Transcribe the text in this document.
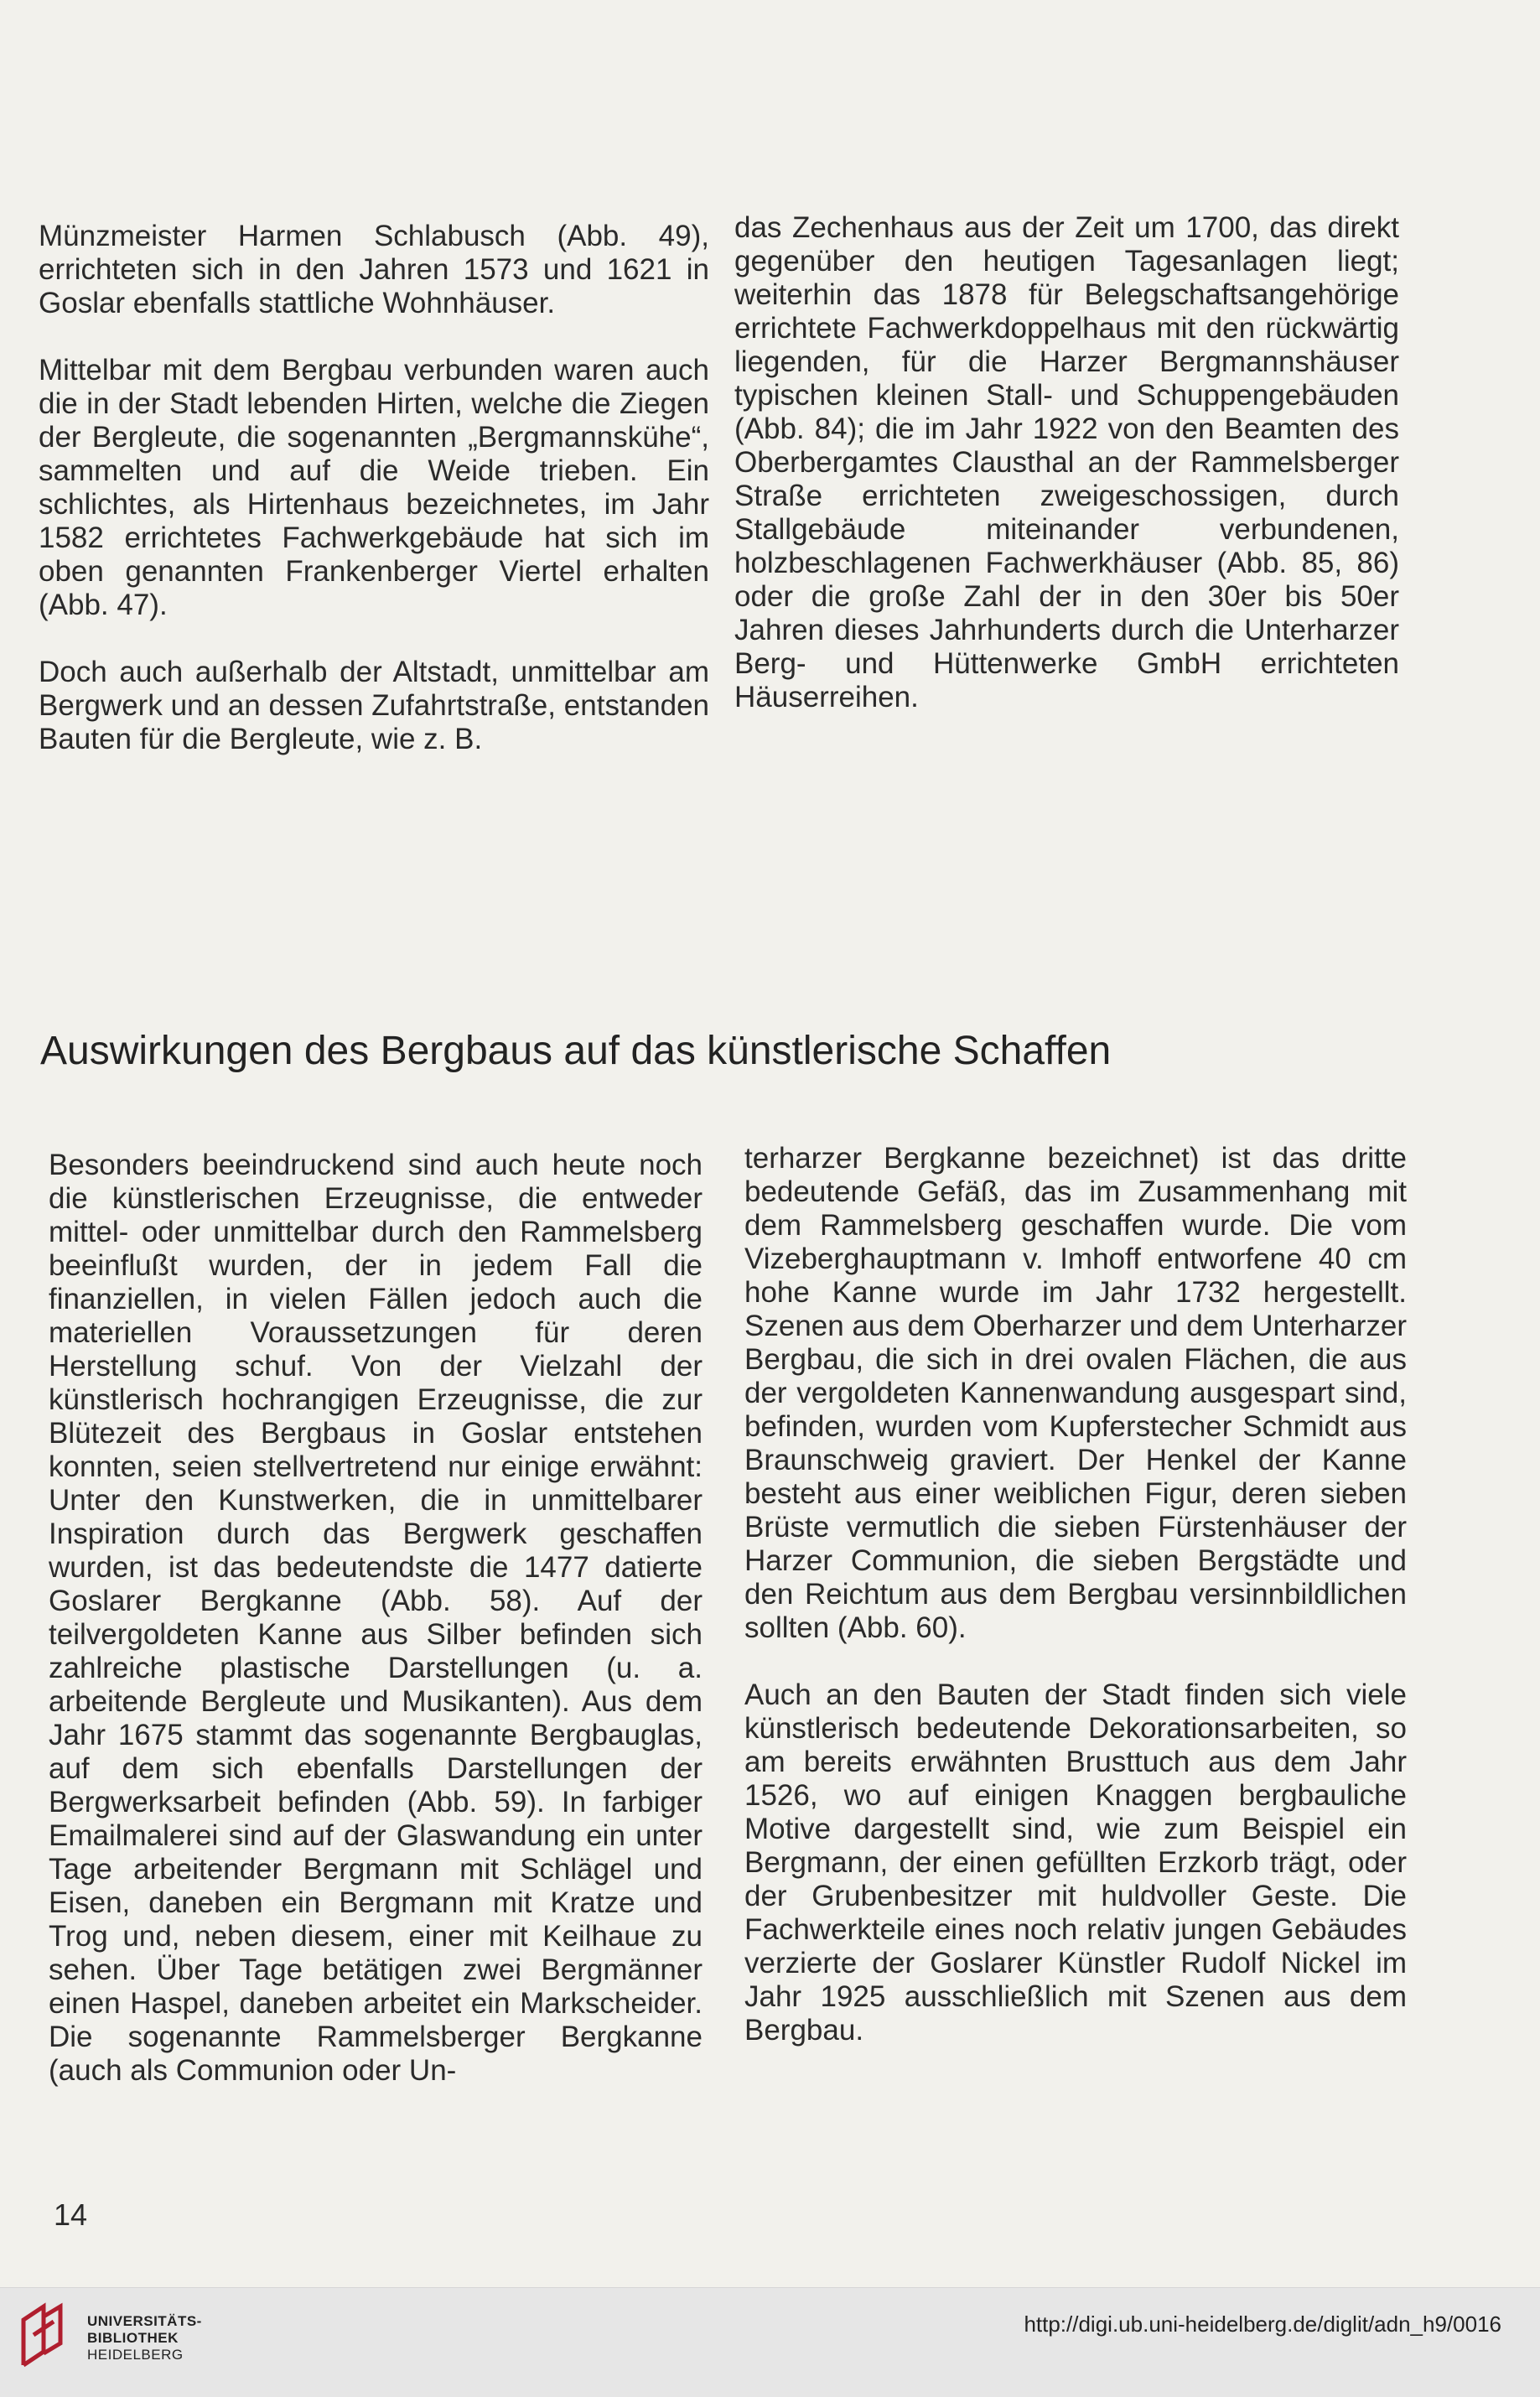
Münzmeister Harmen Schlabusch (Abb. 49), errichteten sich in den Jahren 1573 und 1621 in Goslar ebenfalls stattliche Wohnhäuser.

Mittelbar mit dem Bergbau verbunden waren auch die in der Stadt lebenden Hirten, welche die Ziegen der Bergleute, die sogenannten „Bergmannskühe“, sammelten und auf die Weide trieben. Ein schlichtes, als Hirtenhaus bezeichnetes, im Jahr 1582 errichtetes Fachwerkgebäude hat sich im oben genannten Frankenberger Viertel erhalten (Abb. 47).

Doch auch außerhalb der Altstadt, unmittelbar am Bergwerk und an dessen Zufahrtstraße, entstanden Bauten für die Bergleute, wie z. B.

das Zechenhaus aus der Zeit um 1700, das direkt gegenüber den heutigen Tagesanlagen liegt; weiterhin das 1878 für Belegschaftsangehörige errichtete Fachwerkdoppelhaus mit den rückwärtig liegenden, für die Harzer Bergmannshäuser typischen kleinen Stall- und Schuppengebäuden (Abb. 84); die im Jahr 1922 von den Beamten des Oberbergamtes Clausthal an der Rammelsberger Straße errichteten zweigeschossigen, durch Stallgebäude miteinander verbundenen, holzbeschlagenen Fachwerkhäuser (Abb. 85, 86) oder die große Zahl der in den 30er bis 50er Jahren dieses Jahrhunderts durch die Unterharzer Berg- und Hüttenwerke GmbH errichteten Häuserreihen.

Auswirkungen des Bergbaus auf das künstlerische Schaffen

Besonders beeindruckend sind auch heute noch die künstlerischen Erzeugnisse, die entweder mittel- oder unmittelbar durch den Rammelsberg beeinflußt wurden, der in jedem Fall die finanziellen, in vielen Fällen jedoch auch die materiellen Voraussetzungen für deren Herstellung schuf. Von der Vielzahl der künstlerisch hochrangigen Erzeugnisse, die zur Blütezeit des Bergbaus in Goslar entstehen konnten, seien stellvertretend nur einige erwähnt: Unter den Kunstwerken, die in unmittelbarer Inspiration durch das Bergwerk geschaffen wurden, ist das bedeutendste die 1477 datierte Goslarer Bergkanne (Abb. 58). Auf der teilvergoldeten Kanne aus Silber befinden sich zahlreiche plastische Darstellungen (u. a. arbeitende Bergleute und Musikanten). Aus dem Jahr 1675 stammt das sogenannte Bergbauglas, auf dem sich ebenfalls Darstellungen der Bergwerksarbeit befinden (Abb. 59). In farbiger Emailmalerei sind auf der Glaswandung ein unter Tage arbeitender Bergmann mit Schlägel und Eisen, daneben ein Bergmann mit Kratze und Trog und, neben diesem, einer mit Keilhaue zu sehen. Über Tage betätigen zwei Bergmänner einen Haspel, daneben arbeitet ein Markscheider. Die sogenannte Rammelsberger Bergkanne (auch als Communion oder Un-

terharzer Bergkanne bezeichnet) ist das dritte bedeutende Gefäß, das im Zusammenhang mit dem Rammelsberg geschaffen wurde. Die vom Vizeberghauptmann v. Imhoff entworfene 40 cm hohe Kanne wurde im Jahr 1732 hergestellt. Szenen aus dem Oberharzer und dem Unterharzer Bergbau, die sich in drei ovalen Flächen, die aus der vergoldeten Kannenwandung ausgespart sind, befinden, wurden vom Kupferstecher Schmidt aus Braunschweig graviert. Der Henkel der Kanne besteht aus einer weiblichen Figur, deren sieben Brüste vermutlich die sieben Fürstenhäuser der Harzer Communion, die sieben Bergstädte und den Reichtum aus dem Bergbau versinnbildlichen sollten (Abb. 60).

Auch an den Bauten der Stadt finden sich viele künstlerisch bedeutende Dekorationsarbeiten, so am bereits erwähnten Brusttuch aus dem Jahr 1526, wo auf einigen Knaggen bergbauliche Motive dargestellt sind, wie zum Beispiel ein Bergmann, der einen gefüllten Erzkorb trägt, oder der Grubenbesitzer mit huldvoller Geste. Die Fachwerkteile eines noch relativ jungen Gebäudes verzierte der Goslarer Künstler Rudolf Nickel im Jahr 1925 ausschließlich mit Szenen aus dem Bergbau.

14

UNIVERSITÄTS-
BIBLIOTHEK
HEIDELBERG
http://digi.ub.uni-heidelberg.de/diglit/adn_h9/0016
